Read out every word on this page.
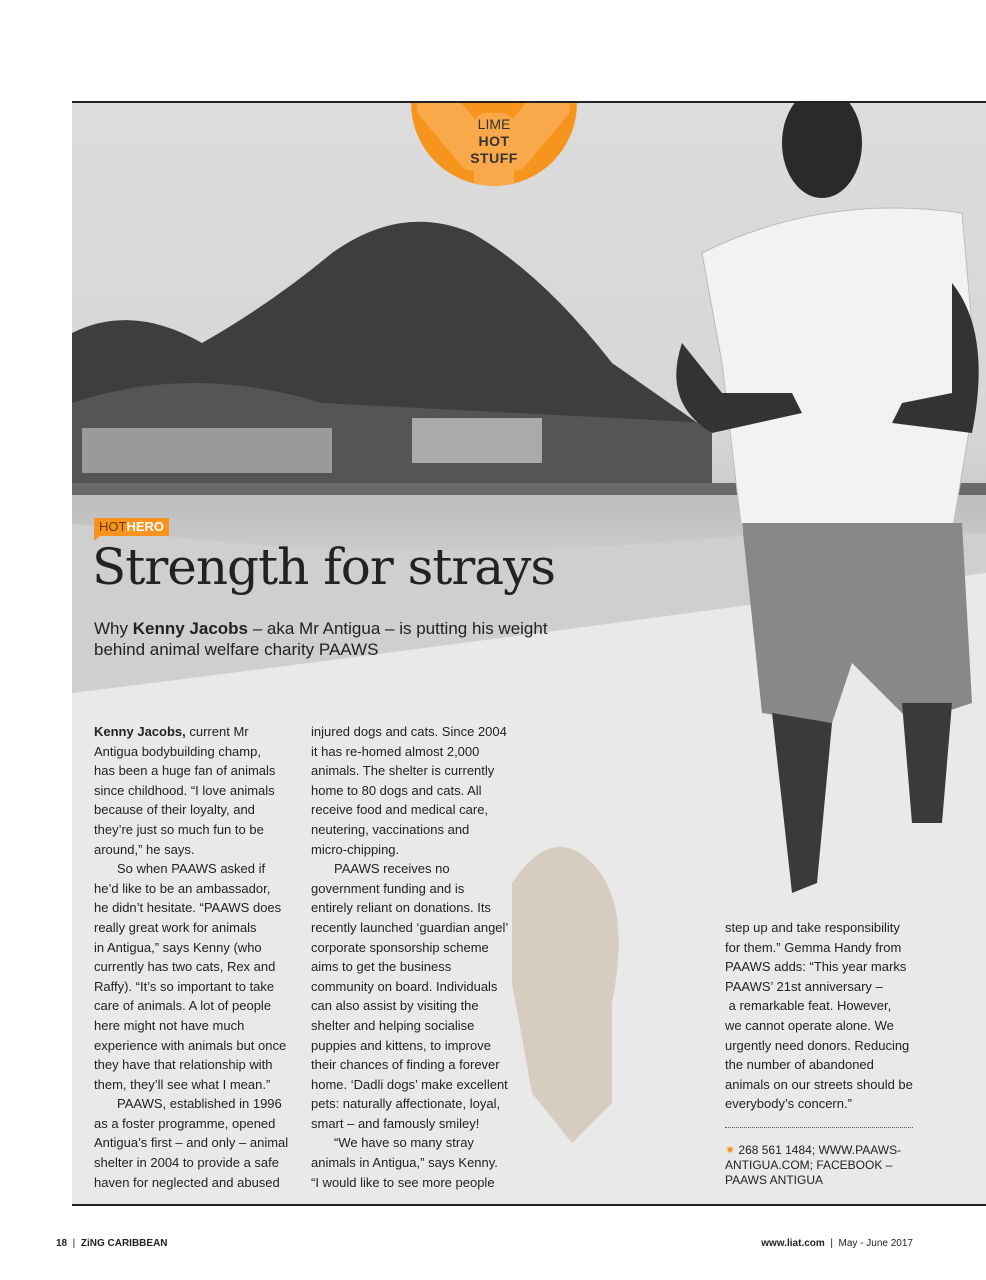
LIME
HOT
STUFF
HOTHERO
Strength for strays
Why Kenny Jacobs – aka Mr Antigua – is putting his weight behind animal welfare charity PAAWS
Kenny Jacobs, current Mr
Antigua bodybuilding champ,
has been a huge fan of animals
since childhood. “I love animals
because of their loyalty, and
they’re just so much fun to be
around,” he says.
So when PAAWS asked if
he’d like to be an ambassador,
he didn’t hesitate. “PAAWS does
really great work for animals
in Antigua,” says Kenny (who
currently has two cats, Rex and
Raffy). “It’s so important to take
care of animals. A lot of people
here might not have much
experience with animals but once
they have that relationship with
them, they’ll see what I mean.”
PAAWS, established in 1996
as a foster programme, opened
Antigua’s first – and only – animal
shelter in 2004 to provide a safe
haven for neglected and abused
injured dogs and cats. Since 2004
it has re-homed almost 2,000
animals. The shelter is currently
home to 80 dogs and cats. All
receive food and medical care,
neutering, vaccinations and
micro-chipping.
PAAWS receives no
government funding and is
entirely reliant on donations. Its
recently launched ‘guardian angel’
corporate sponsorship scheme
aims to get the business
community on board. Individuals
can also assist by visiting the
shelter and helping socialise
puppies and kittens, to improve
their chances of finding a forever
home. ‘Dadli dogs’ make excellent
pets: naturally affectionate, loyal,
smart – and famously smiley!
“We have so many stray
animals in Antigua,” says Kenny.
“I would like to see more people
step up and take responsibility
for them.” Gemma Handy from
PAAWS adds: “This year marks
PAAWS’ 21st anniversary –
a remarkable feat. However,
we cannot operate alone. We
urgently need donors. Reducing
the number of abandoned
animals on our streets should be
everybody’s concern.”
✷ 268 561 1484; WWW.PAAWS-
ANTIGUA.COM; FACEBOOK –
PAAWS ANTIGUA
18  |  ZiNG CARIBBEAN	www.liat.com  |  May - June 2017
